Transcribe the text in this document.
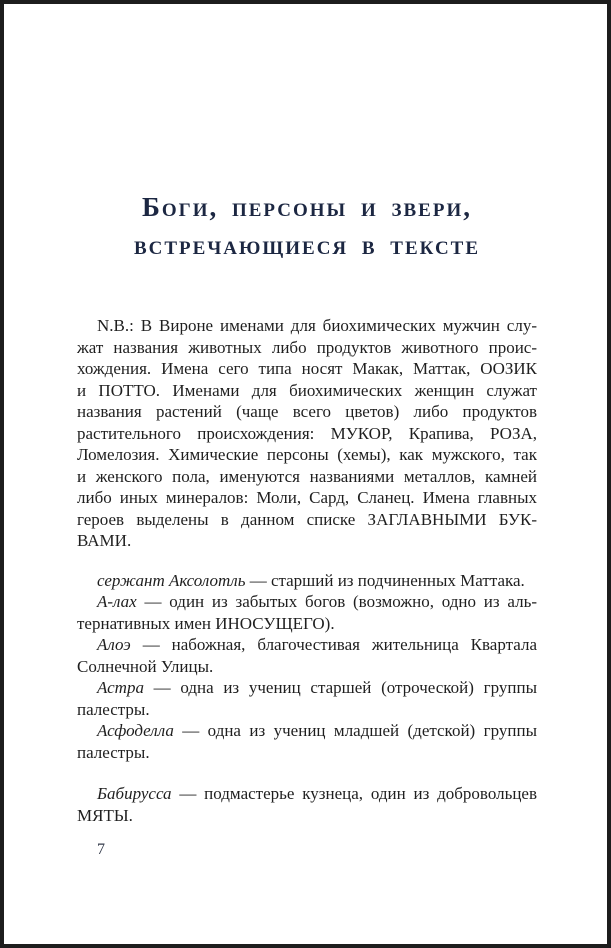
Боги, персоны и звери,
встречающиеся в тексте
N.B.: В Вироне именами для биохимических мужчин слу-
жат названия животных либо продуктов животного проис-
хождения. Имена сего типа носят Макак, Маттак, ООЗИК
и ПОТТО. Именами для биохимических женщин служат
названия растений (чаще всего цветов) либо продуктов
растительного происхождения: МУКОР, Крапива, РОЗА,
Ломелозия. Химические персоны (хемы), как мужского, так
и женского пола, именуются названиями металлов, камней
либо иных минералов: Моли, Сард, Сланец. Имена главных
героев выделены в данном списке ЗАГЛАВНЫМИ БУК-
ВАМИ.
сержант Аксолотль — старший из подчиненных Маттака.
А-лах — один из забытых богов (возможно, одно из аль-
тернативных имен ИНОСУЩЕГО).
Алоэ — набожная, благочестивая жительница Квартала
Солнечной Улицы.
Астра — одна из учениц старшей (отроческой) группы
палестры.
Асфоделла — одна из учениц младшей (детской) группы
палестры.
Бабирусса — подмастерье кузнеца, один из добровольцев
МЯТЫ.
7
